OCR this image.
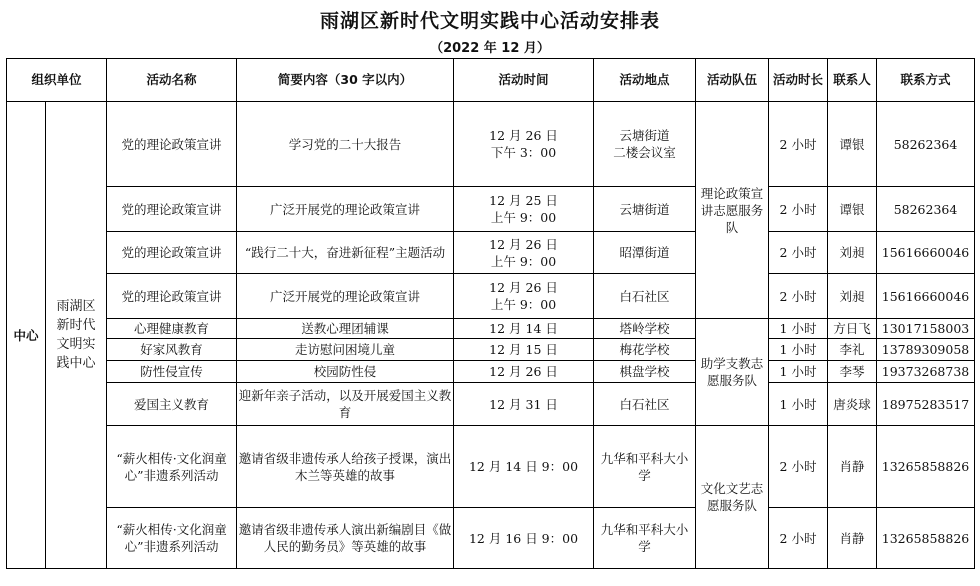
雨湖区新时代文明实践中心活动安排表
（2022 年 12 月）
组织单位		活动名称	简要内容（30 字以内）	活动时间	活动地点	活动队伍	活动时长	联系人	联系方式
中心	雨湖区新时代文明实践中心	党的理论政策宣讲	学习党的二十大报告	12 月 26 日
下午 3：00	云塘街道
二楼会议室	理论政策宣讲志愿服务队	2 小时	谭银	58262364
		党的理论政策宣讲	广泛开展党的理论政策宣讲	12 月 25 日
上午 9：00	云塘街道		2 小时	谭银	58262364
		党的理论政策宣讲	“践行二十大，奋进新征程”主题活动	12 月 26 日
上午 9：00	昭潭街道		2 小时	刘昶	15616660046
		党的理论政策宣讲	广泛开展党的理论政策宣讲	12 月 26 日
上午 9：00	白石社区		2 小时	刘昶	15616660046
		心理健康教育	送教心理团辅课	12 月 14 日	塔岭学校	助学支教志愿服务队	1 小时	方日飞	13017158003
		好家风教育	走访慰问困境儿童	12 月 15 日	梅花学校		1 小时	李礼	13789309058
		防性侵宣传	校园防性侵	12 月 26 日	棋盘学校		1 小时	李琴	19373268738
		爱国主义教育	迎新年亲子活动，以及开展爱国主义教育	12 月 31 日	白石社区		1 小时	唐炎球	18975283517
		“薪火相传·文化润童心”非遗系列活动	邀请省级非遗传承人给孩子授课，演出木兰等英雄的故事	12 月 14 日 9：00	九华和平科大小学	文化文艺志愿服务队	2 小时	肖静	13265858826
		“薪火相传·文化润童心”非遗系列活动	邀请省级非遗传承人演出新编剧目《做人民的勤务员》等英雄的故事	12 月 16 日 9：00	九华和平科大小学		2 小时	肖静	13265858826
